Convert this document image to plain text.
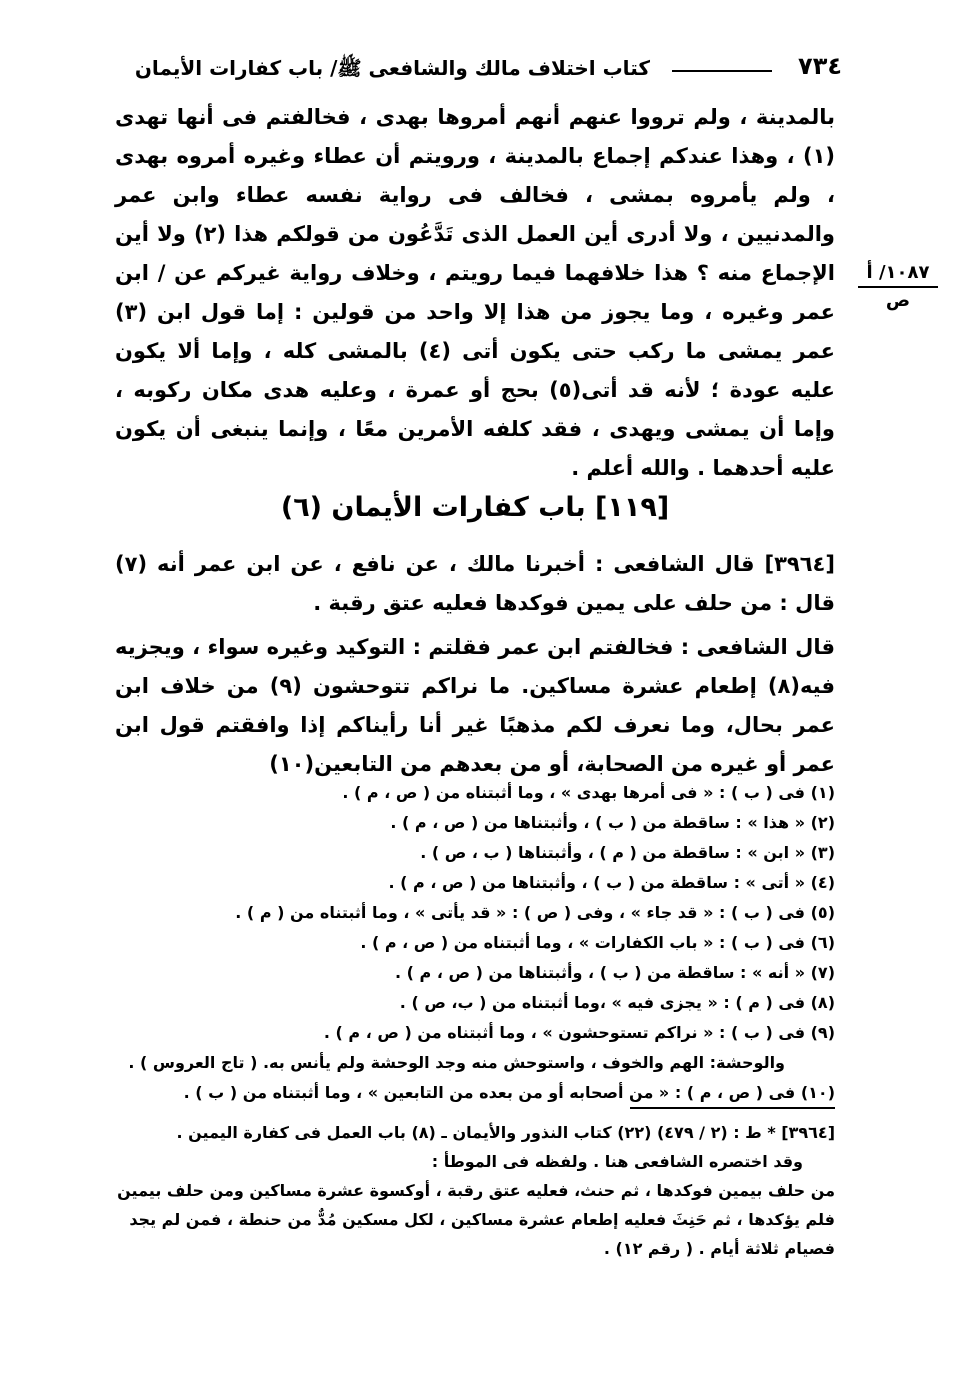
٧٣٤
كتاب اختلاف مالك والشافعى ﷺ/ باب كفارات الأيمان
١٠٨٧/ أ
ص

بالمدينة ، ولم ترووا عنهم أنهم أمروها بهدى ، فخالفتم فى أنها تهدى (١) ، وهذا عندكم إجماع بالمدينة ، ورويتم أن عطاء وغيره أمروه بهدى ، ولم يأمروه بمشى ، فخالف فى رواية نفسه عطاء وابن عمر والمدنيين ، ولا أدرى أين العمل الذى تَدَّعُون من قولكم هذا (٢) ولا أين الإجماع منه ؟ هذا خلافهما فيما رويتم ، وخلاف رواية غيركم عن / ابن عمر وغيره ، وما يجوز من هذا إلا واحد من قولين : إما قول ابن (٣) عمر يمشى ما ركب حتى يكون أتى (٤) بالمشى كله ، وإما ألا يكون عليه عودة ؛ لأنه قد أتى(٥) بحج أو عمرة ، وعليه هدى مكان ركوبه ، وإما أن يمشى ويهدى ، فقد كلفه الأمرين معًا ، وإنما ينبغى أن يكون عليه أحدهما . والله أعلم .

[١١٩] باب كفارات الأيمان (٦)

[٣٩٦٤] قال الشافعى : أخبرنا مالك ، عن نافع ، عن ابن عمر أنه (٧) قال : من حلف على يمين فوكدها فعليه عتق رقبة .

قال الشافعى : فخالفتم ابن عمر فقلتم : التوكيد وغيره سواء ، ويجزيه فيه(٨) إطعام عشرة مساكين. ما نراكم تتوحشون (٩) من خلاف ابن عمر بحال، وما نعرف لكم مذهبًا غير أنا رأيناكم إذا وافقتم قول ابن عمر أو غيره من الصحابة، أو من بعدهم من التابعين(١٠)

(١) فى ( ب ) : « فى أمرها بهدى » ، وما أثبتناه من ( ص ، م ) .

(٢) « هذا » : ساقطة من ( ب ) ، وأثبتناها من ( ص ، م ) .

(٣) « ابن » : ساقطة من ( م ) ، وأثبتناها ( ب ، ص ) .

(٤) « أتى » : ساقطة من ( ب ) ، وأثبتناها من ( ص ، م ) .

(٥) فى ( ب ) : « قد جاء » ، وفى ( ص ) : « قد يأتى » ، وما أثبتناه من ( م ) .

(٦) فى ( ب ) : « باب الكفارات » ، وما أثبتناه من ( ص ، م ) .

(٧) « أنه » : ساقطة من ( ب ) ، وأثبتناها من ( ص ، م ) .

(٨) فى ( م ) : « يجزى فيه » ،وما أثبتناه من ( ب، ص ) .

(٩) فى ( ب ) : « نراكم تستوحشون » ، وما أثبتناه من ( ص ، م ) .

والوحشة: الهم والخوف ، واستوحش منه وجد الوحشة ولم يأنس به. ( تاج العروس ) .

(١٠) فى ( ص ، م ) : « من أصحابه أو من بعده من التابعين » ، وما أثبتناه من ( ب ) .

[٣٩٦٤] * ط : (٢ / ٤٧٩) (٢٢) كتاب النذور والأيمان ـ (٨) باب العمل فى كفارة اليمين .

وقد اختصره الشافعى هنا . ولفظه فى الموطأ :

من حلف بيمين فوكدها ، ثم حنث، فعليه عتق رقبة ، أوكسوة عشرة مساكين ومن حلف بيمين فلم يؤكدها ، ثم حَنِثَ فعليه إطعام عشرة مساكين ، لكل مسكين مُدٌّ من حنطة ، فمن لم يجد فصيام ثلاثة أيام . ( رقم ١٢) .
